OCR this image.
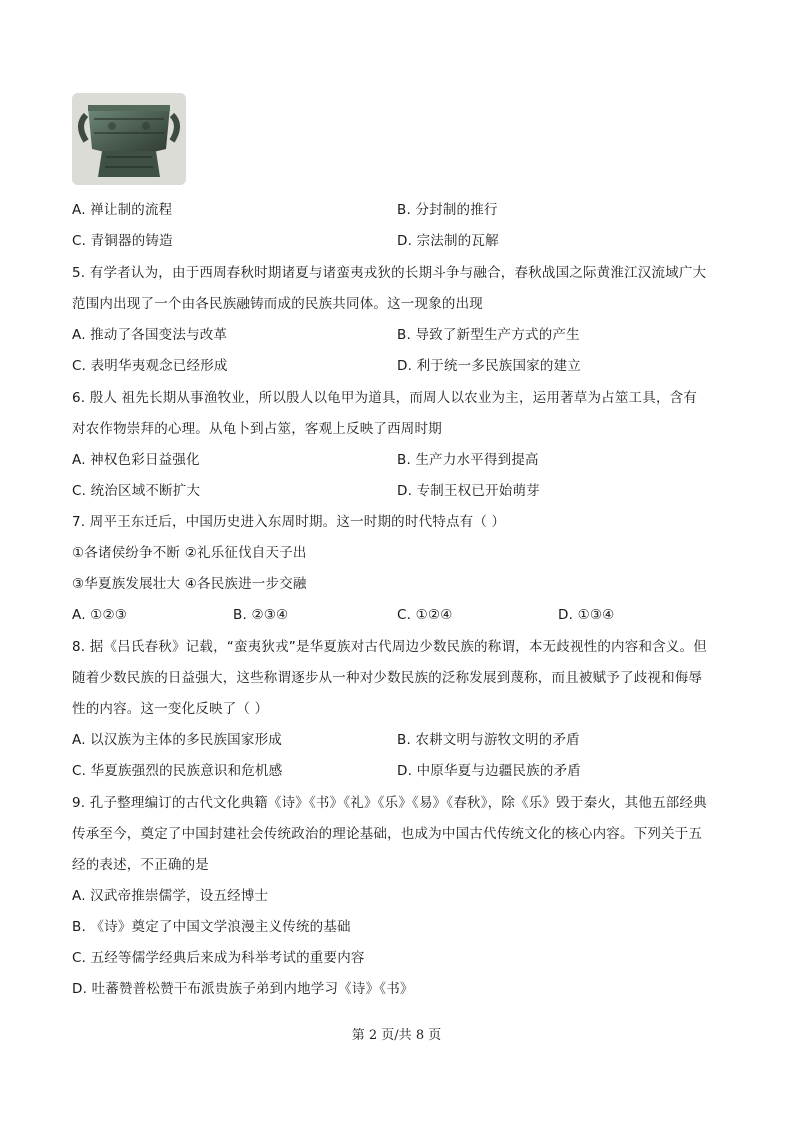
A. 禅让制的流程	B. 分封制的推行
C. 青铜器的铸造	D. 宗法制的瓦解
5. 有学者认为，由于西周春秋时期诸夏与诸蛮夷戎狄的长期斗争与融合，春秋战国之际黄淮江汉流域广大
范围内出现了一个由各民族融铸而成的民族共同体。这一现象的出现
A. 推动了各国变法与改革	B. 导致了新型生产方式的产生
C. 表明华夷观念已经形成	D. 利于统一多民族国家的建立
6. 殷人 祖先长期从事渔牧业，所以殷人以龟甲为道具，而周人以农业为主，运用著草为占筮工具，含有
对农作物崇拜的心理。从龟卜到占筮，客观上反映了西周时期
A. 神权色彩日益强化	B. 生产力水平得到提高
C. 统治区域不断扩大	D. 专制王权已开始萌芽
7. 周平王东迁后，中国历史进入东周时期。这一时期的时代特点有（ ）
①各诸侯纷争不断 ②礼乐征伐自天子出
③华夏族发展壮大 ④各民族进一步交融
A. ①②③	B. ②③④	C. ①②④	D. ①③④
8. 据《吕氏春秋》记载，“蛮夷狄戎”是华夏族对古代周边少数民族的称谓，本无歧视性的内容和含义。但
随着少数民族的日益强大，这些称谓逐步从一种对少数民族的泛称发展到蔑称，而且被赋予了歧视和侮辱
性的内容。这一变化反映了（ ）
A. 以汉族为主体的多民族国家形成	B. 农耕文明与游牧文明的矛盾
C. 华夏族强烈的民族意识和危机感	D. 中原华夏与边疆民族的矛盾
9. 孔子整理编订的古代文化典籍《诗》《书》《礼》《乐》《易》《春秋》，除《乐》毁于秦火，其他五部经典
传承至今，奠定了中国封建社会传统政治的理论基础，也成为中国古代传统文化的核心内容。下列关于五
经的表述，不正确的是
A. 汉武帝推崇儒学，设五经博士
B. 《诗》奠定了中国文学浪漫主义传统的基础
C. 五经等儒学经典后来成为科举考试的重要内容
D. 吐蕃赞普松赞干布派贵族子弟到内地学习《诗》《书》
第 2 页/共 8 页
